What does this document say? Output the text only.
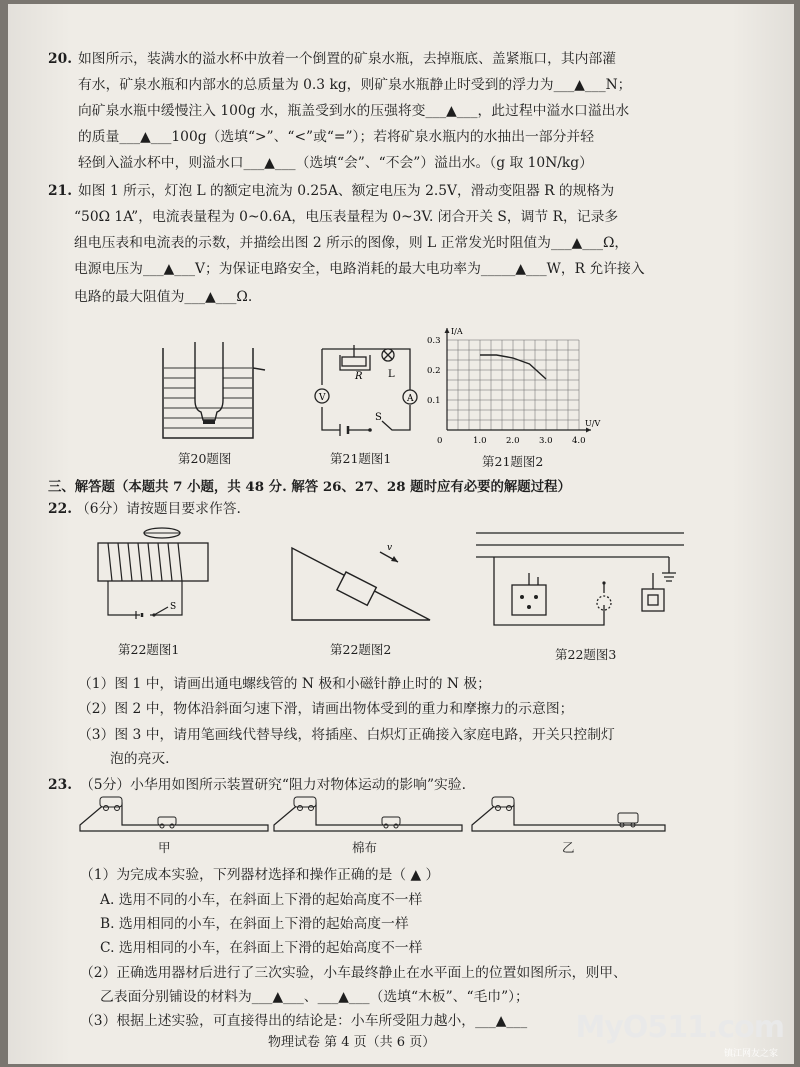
20. 如图所示，装满水的溢水杯中放着一个倒置的矿泉水瓶，去掉瓶底、盖紧瓶口，其内部灌
有水，矿泉水瓶和内部水的总质量为 0.3 kg，则矿泉水瓶静止时受到的浮力为___▲___N；
向矿泉水瓶中缓慢注入 100g 水，瓶盖受到水的压强将变___▲___，此过程中溢水口溢出水
的质量___▲___100g（选填“>”、“<”或“=”）；若将矿泉水瓶内的水抽出一部分并轻
轻倒入溢水杯中，则溢水口___▲___（选填“会”、“不会”）溢出水。（g 取 10N/kg）
21. 如图 1 所示，灯泡 L 的额定电流为 0.25A、额定电压为 2.5V，滑动变阻器 R 的规格为
“50Ω 1A”，电流表量程为 0~0.6A，电压表量程为 0~3V. 闭合开关 S，调节 R，记录多
组电压表和电流表的示数，并描绘出图 2 所示的图像，则 L 正常发光时阻值为___▲___Ω，
电源电压为___▲___V；为保证电路安全，电路消耗的最大电功率为_____▲___W，R 允许接入
电路的最大阻值为___▲___Ω.
第20题图
R	L
V	A
S
第21题图1
I/A
U/V
0	1.0 2.0 3.0 4.0
0.1
0.2
0.3
第21题图2
三、解答题（本题共 7 小题，共 48 分. 解答 26、27、28 题时应有必要的解题过程）
22. （6分）请按题目要求作答.
S
第22题图1
v
第22题图2	第22题图3
（1）图 1 中，请画出通电螺线管的 N 极和小磁针静止时的 N 极；
（2）图 2 中，物体沿斜面匀速下滑，请画出物体受到的重力和摩擦力的示意图；
（3）图 3 中，请用笔画线代替导线，将插座、白炽灯正确接入家庭电路，开关只控制灯
泡的亮灭.
23. （5分）小华用如图所示装置研究“阻力对物体运动的影响”实验.
甲	棉布	乙
（1）为完成本实验，下列器材选择和操作正确的是（ ▲ ）
A. 选用不同的小车，在斜面上下滑的起始高度不一样
B. 选用相同的小车，在斜面上下滑的起始高度一样
C. 选用相同的小车，在斜面上下滑的起始高度不一样
（2）正确选用器材后进行了三次实验，小车最终静止在水平面上的位置如图所示，则甲、
乙表面分别铺设的材料为___▲___、___▲___（选填“木板”、“毛巾”）；
（3）根据上述实验，可直接得出的结论是：小车所受阻力越小，___▲___
物理试卷 第 4 页（共 6 页）	MyO511.com
镇江网友之家
